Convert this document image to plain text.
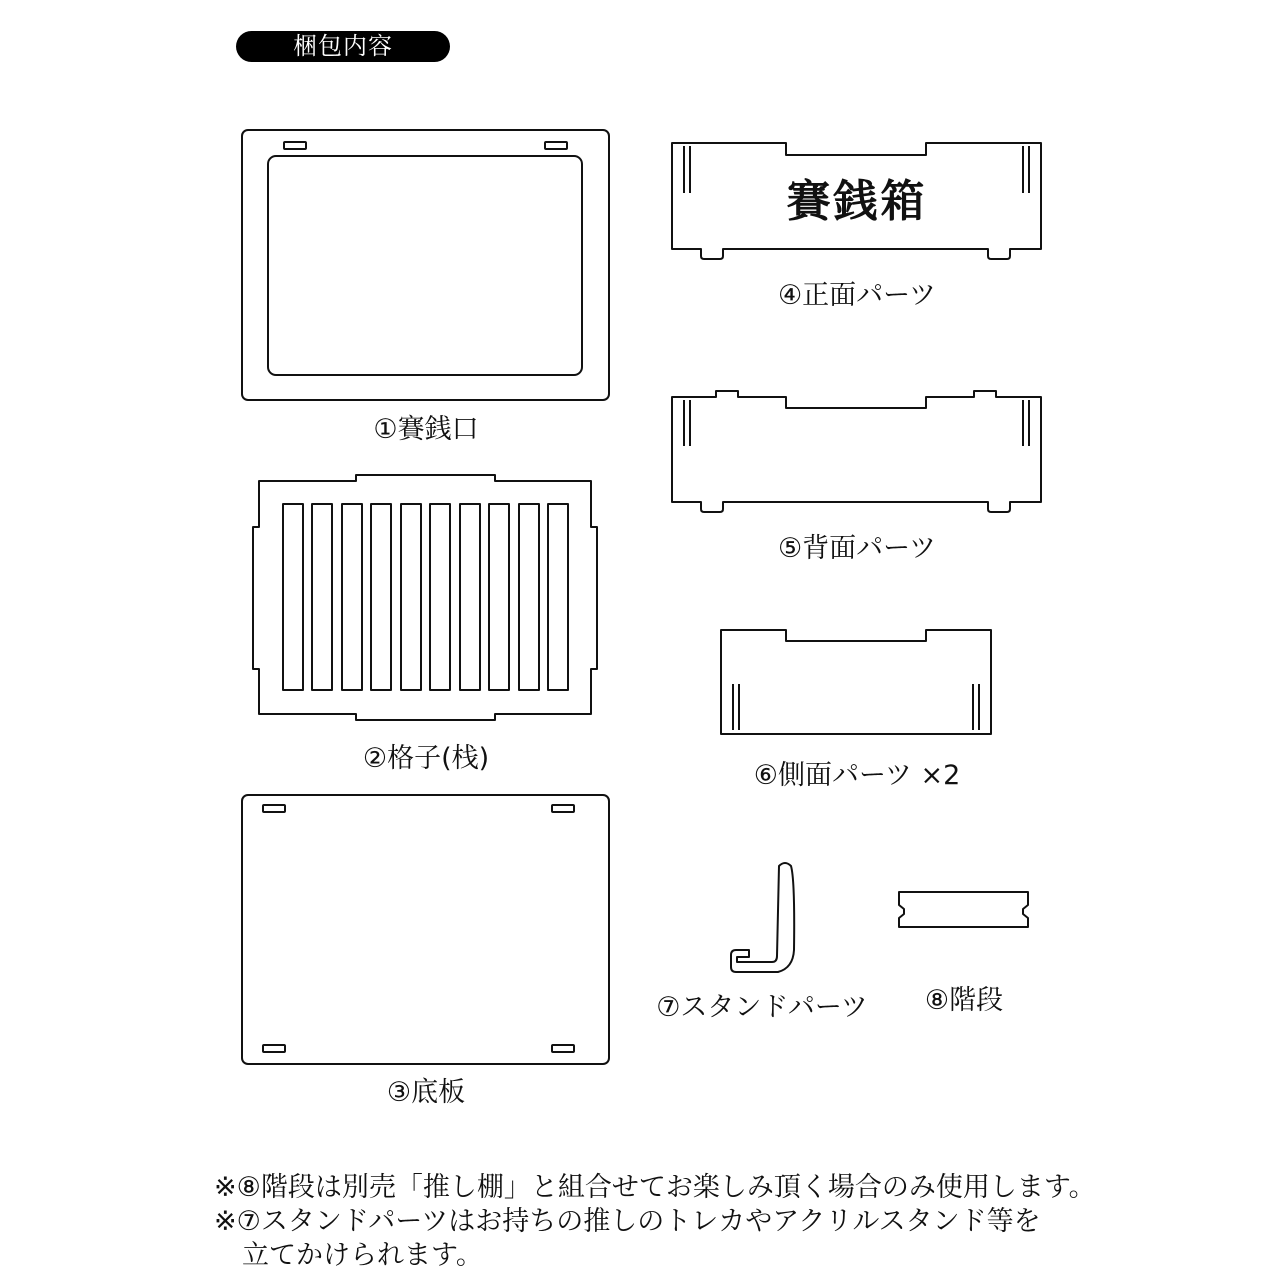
梱包内容
賽銭箱
①賽銭口
②格子(栈)
③底板
④正面パーツ
⑤背面パーツ
⑥側面パーツ ×2
⑦スタンドパーツ ⑧階段
※⑧階段は別売「推し棚」と組合せてお楽しみ頂く場合のみ使用します。
※⑦スタンドパーツはお持ちの推しのトレカやアクリルスタンド等を
立てかけられます。
